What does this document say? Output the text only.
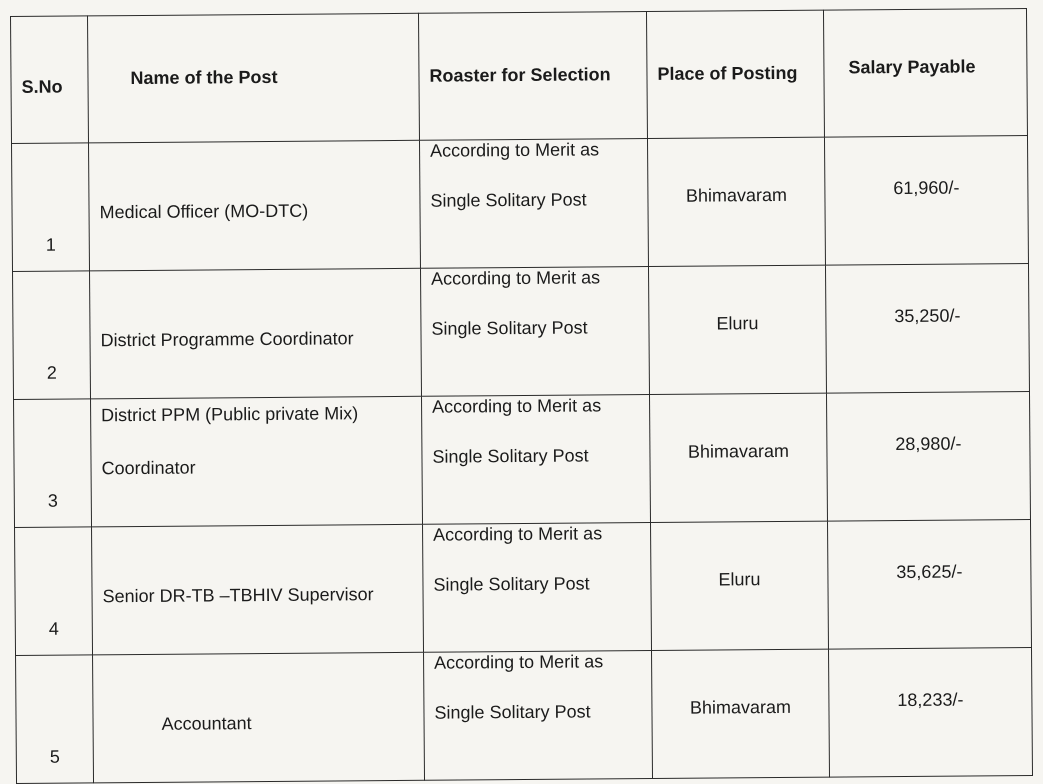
S.No	Name of the Post	Roaster for Selection	Place of Posting	Salary Payable
1	Medical Officer (MO-DTC)	According to Merit as
Single Solitary Post	Bhimavaram	61,960/-
2	District Programme Coordinator	According to Merit as
Single Solitary Post	Eluru	35,250/-
3	District PPM (Public private Mix)
Coordinator	According to Merit as
Single Solitary Post	Bhimavaram	28,980/-
4	Senior DR-TB –TBHIV Supervisor	According to Merit as
Single Solitary Post	Eluru	35,625/-
5	Accountant	According to Merit as
Single Solitary Post	Bhimavaram	18,233/-
